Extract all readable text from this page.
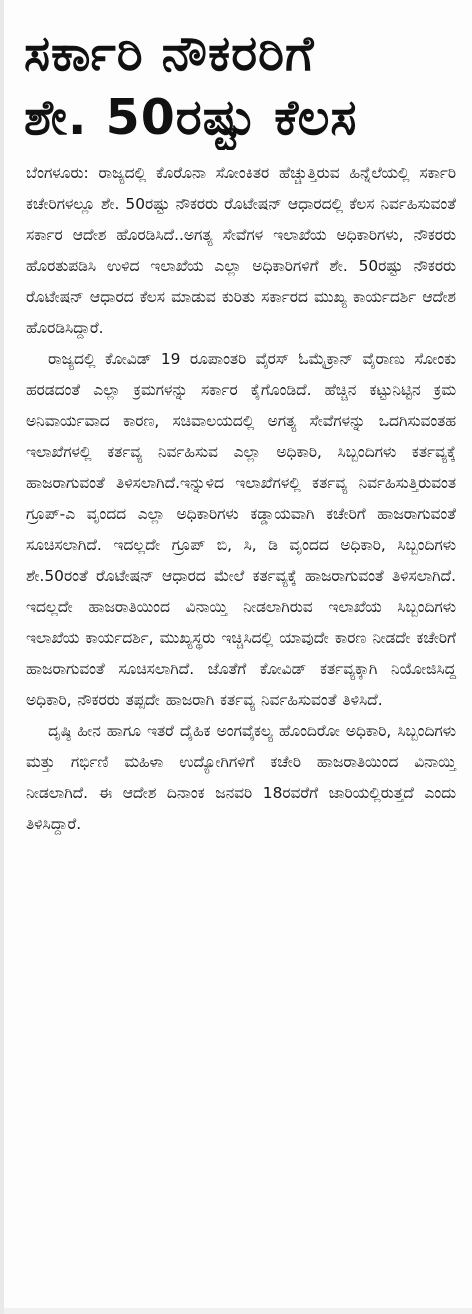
ಸರ್ಕಾರಿ ನೌಕರರಿಗೆ
ಶೇ. 50ರಷ್ಟು ಕೆಲಸ

ಬೆಂಗಳೂರು: ರಾಜ್ಯದಲ್ಲಿ ಕೊರೊನಾ ಸೋಂಕಿತರ ಹೆಚ್ಚುತ್ತಿರುವ ಹಿನ್ನೆಲೆಯಲ್ಲಿ ಸರ್ಕಾರಿ ಕಚೇರಿಗಳಲ್ಲೂ ಶೇ. 50ರಷ್ಟು ನೌಕರರು ರೊಟೇಷನ್ ಆಧಾರದಲ್ಲಿ ಕೆಲಸ ನಿರ್ವಹಿಸುವಂತೆ ಸರ್ಕಾರ ಆದೇಶ ಹೊರಡಿಸಿದೆ..ಅಗತ್ಯ ಸೇವೆಗಳ ಇಲಾಖೆಯ ಅಧಿಕಾರಿಗಳು, ನೌಕರರು ಹೊರತುಪಡಿಸಿ ಉಳಿದ ಇಲಾಖೆಯ ಎಲ್ಲಾ ಅಧಿಕಾರಿಗಳಿಗೆ ಶೇ. 50ರಷ್ಟು ನೌಕರರು ರೊಟೇಷನ್ ಆಧಾರದ ಕೆಲಸ ಮಾಡುವ ಕುರಿತು ಸರ್ಕಾರದ ಮುಖ್ಯ ಕಾರ್ಯದರ್ಶಿ ಆದೇಶ ಹೊರಡಿಸಿದ್ದಾರೆ.

ರಾಜ್ಯದಲ್ಲಿ ಕೋವಿಡ್ 19 ರೂಪಾಂತರಿ ವೈರಸ್ ಓಮೈಕ್ರಾನ್ ವೈರಾಣು ಸೋಂಕು ಹರಡದಂತೆ ಎಲ್ಲಾ ಕ್ರಮಗಳನ್ನು ಸರ್ಕಾರ ಕೈಗೊಂಡಿದೆ. ಹೆಚ್ಚಿನ ಕಟ್ಟುನಿಟ್ಟಿನ ಕ್ರಮ ಅನಿವಾರ್ಯವಾದ ಕಾರಣ, ಸಚಿವಾಲಯದಲ್ಲಿ ಅಗತ್ಯ ಸೇವೆಗಳನ್ನು ಒದಗಿಸುವಂತಹ ಇಲಾಖೆಗಳಲ್ಲಿ ಕರ್ತವ್ಯ ನಿರ್ವಹಿಸುವ ಎಲ್ಲಾ ಅಧಿಕಾರಿ, ಸಿಬ್ಬಂದಿಗಳು ಕರ್ತವ್ಯಕ್ಕೆ ಹಾಜರಾಗುವಂತೆ ತಿಳಿಸಲಾಗಿದೆ.ಇನ್ನುಳಿದ ಇಲಾಖೆಗಳಲ್ಲಿ ಕರ್ತವ್ಯ ನಿರ್ವಹಿಸುತ್ತಿರುವಂತ ಗ್ರೂಪ್-ಎ ವೃಂದದ ಎಲ್ಲಾ ಅಧಿಕಾರಿಗಳು ಕಡ್ಡಾಯವಾಗಿ ಕಚೇರಿಗೆ ಹಾಜರಾಗುವಂತೆ ಸೂಚಿಸಲಾಗಿದೆ. ಇದಲ್ಲದೇ ಗ್ರೂಪ್ ಬಿ, ಸಿ, ಡಿ ವೃಂದದ ಅಧಿಕಾರಿ, ಸಿಬ್ಬಂದಿಗಳು ಶೇ.50ರಂತೆ ರೊಟೇಷನ್ ಆಧಾರದ ಮೇಲೆ ಕರ್ತವ್ಯಕ್ಕೆ ಹಾಜರಾಗುವಂತೆ ತಿಳಿಸಲಾಗಿದೆ. ಇದಲ್ಲದೇ ಹಾಜರಾತಿಯಿಂದ ವಿನಾಯ್ತಿ ನೀಡಲಾಗಿರುವ ಇಲಾಖೆಯ ಸಿಬ್ಬಂದಿಗಳು ಇಲಾಖೆಯ ಕಾರ್ಯದರ್ಶಿ, ಮುಖ್ಯಸ್ಥರು ಇಚ್ಚಿಸಿದಲ್ಲಿ ಯಾವುದೇ ಕಾರಣ ನೀಡದೇ ಕಚೇರಿಗೆ ಹಾಜರಾಗುವಂತೆ ಸೂಚಿಸಲಾಗಿದೆ. ಜೊತೆಗೆ ಕೋವಿಡ್ ಕರ್ತವ್ಯಕ್ಕಾಗಿ ನಿಯೋಜಿಸಿದ್ದ ಅಧಿಕಾರಿ, ನೌಕರರು ತಪ್ಪದೇ ಹಾಜರಾಗಿ ಕರ್ತವ್ಯ ನಿರ್ವಹಿಸುವಂತೆ ತಿಳಿಸಿದೆ.

ದೃಷ್ಠಿ ಹೀನ ಹಾಗೂ ಇತರೆ ದೈಹಿಕ ಅಂಗವೈಕಲ್ಯ ಹೊಂದಿರೋ ಅಧಿಕಾರಿ, ಸಿಬ್ಬಂದಿಗಳು ಮತ್ತು ಗರ್ಭಿಣಿ ಮಹಿಳಾ ಉದ್ಯೋಗಿಗಳಿಗೆ ಕಚೇರಿ ಹಾಜರಾತಿಯಿಂದ ವಿನಾಯ್ತಿ ನೀಡಲಾಗಿದೆ. ಈ ಆದೇಶ ದಿನಾಂಕ ಜನವರಿ 18ರವರೆಗೆ ಜಾರಿಯಲ್ಲಿರುತ್ತದೆ ಎಂದು ತಿಳಿಸಿದ್ದಾರೆ.
